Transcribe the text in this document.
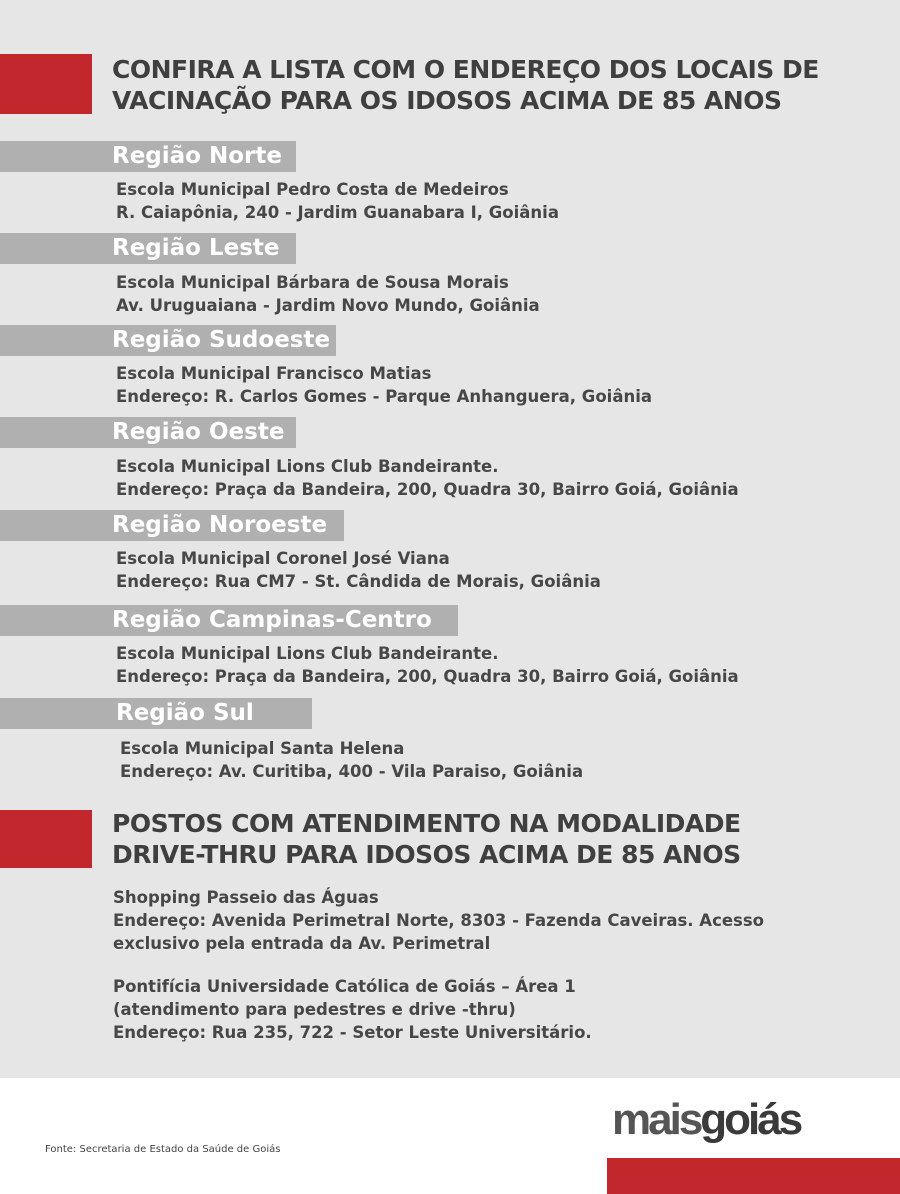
CONFIRA A LISTA COM O ENDEREÇO DOS LOCAIS DE
VACINAÇÃO PARA OS IDOSOS ACIMA DE 85 ANOS
Região Norte
Escola Municipal Pedro Costa de Medeiros
R. Caiapônia, 240 - Jardim Guanabara I, Goiânia
Região Leste
Escola Municipal Bárbara de Sousa Morais
Av. Uruguaiana - Jardim Novo Mundo, Goiânia
Região Sudoeste
Escola Municipal Francisco Matias
Endereço: R. Carlos Gomes - Parque Anhanguera, Goiânia
Região Oeste
Escola Municipal Lions Club Bandeirante.
Endereço: Praça da Bandeira, 200, Quadra 30, Bairro Goiá, Goiânia
Região Noroeste
Escola Municipal Coronel José Viana
Endereço: Rua CM7 - St. Cândida de Morais, Goiânia
Região Campinas-Centro
Escola Municipal Lions Club Bandeirante.
Endereço: Praça da Bandeira, 200, Quadra 30, Bairro Goiá, Goiânia
Região Sul
Escola Municipal Santa Helena
Endereço: Av. Curitiba, 400 - Vila Paraiso, Goiânia
POSTOS COM ATENDIMENTO NA MODALIDADE
DRIVE-THRU PARA IDOSOS ACIMA DE 85 ANOS
Shopping Passeio das Águas
Endereço: Avenida Perimetral Norte, 8303 - Fazenda Caveiras. Acesso
exclusivo pela entrada da Av. Perimetral
Pontifícia Universidade Católica de Goiás – Área 1
(atendimento para pedestres e drive -thru)
Endereço: Rua 235, 722 - Setor Leste Universitário.
Fonte: Secretaria de Estado da Saúde de Goiás
maisgoiás
